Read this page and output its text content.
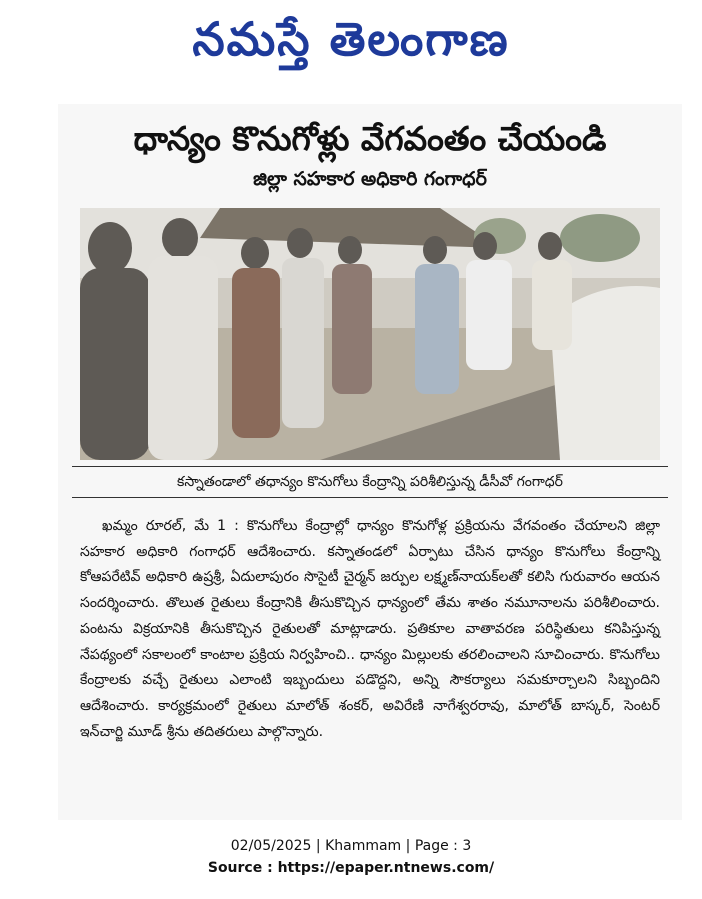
నమస్తే తెలంగాణ
ధాన్యం కొనుగోళ్లు వేగవంతం చేయండి
జిల్లా సహకార అధికారి గంగాధర్
కస్నాతండాలో తధాన్యం కొనుగోలు కేంద్రాన్ని పరిశీలిస్తున్న డీసీవో గంగాధర్

ఖమ్మం రూరల్, మే 1 : కొనుగోలు కేంద్రాల్లో ధాన్యం కొనుగోళ్ల ప్రక్రియను వేగవంతం చేయాలని జిల్లా సహకార అధికారి గంగాధర్ ఆదేశించారు. కస్నాతండలో ఏర్పాటు చేసిన ధాన్యం కొనుగోలు కేంద్రాన్ని కోఆపరేటివ్ అధికారి ఉష్రశ్రీ, ఏదులాపురం సొసైటీ చైర్మన్ జర్పుల లక్ష్మణ్‌నాయక్‌లతో కలిసి గురువారం ఆయన సందర్శించారు. తొలుత రైతులు కేంద్రానికి తీసుకొచ్చిన ధాన్యంలో తేమ శాతం నమూనాలను పరిశీలించారు. పంటను విక్రయానికి తీసుకొచ్చిన రైతులతో మాట్లాడారు. ప్రతికూల వాతావరణ పరిస్థితులు కనిపిస్తున్న నేపథ్యంలో సకాలంలో కాంటాల ప్రక్రియ నిర్వహించి.. ధాన్యం మిల్లులకు తరలించాలని సూచించారు. కొనుగోలు కేంద్రాలకు వచ్చే రైతులు ఎలాంటి ఇబ్బందులు పడొద్దని, అన్ని సౌకర్యాలు సమకూర్చాలని సిబ్బందిని ఆదేశించారు. కార్యక్రమంలో రైతులు మాలోత్ శంకర్, అవిరేణి నాగేశ్వరరావు, మాలోత్ బాస్కర్, సెంటర్ ఇన్‌చార్జి మూడ్ శ్రీను తదితరులు పాల్గొన్నారు.

02/05/2025 | Khammam | Page : 3
Source : https://epaper.ntnews.com/
